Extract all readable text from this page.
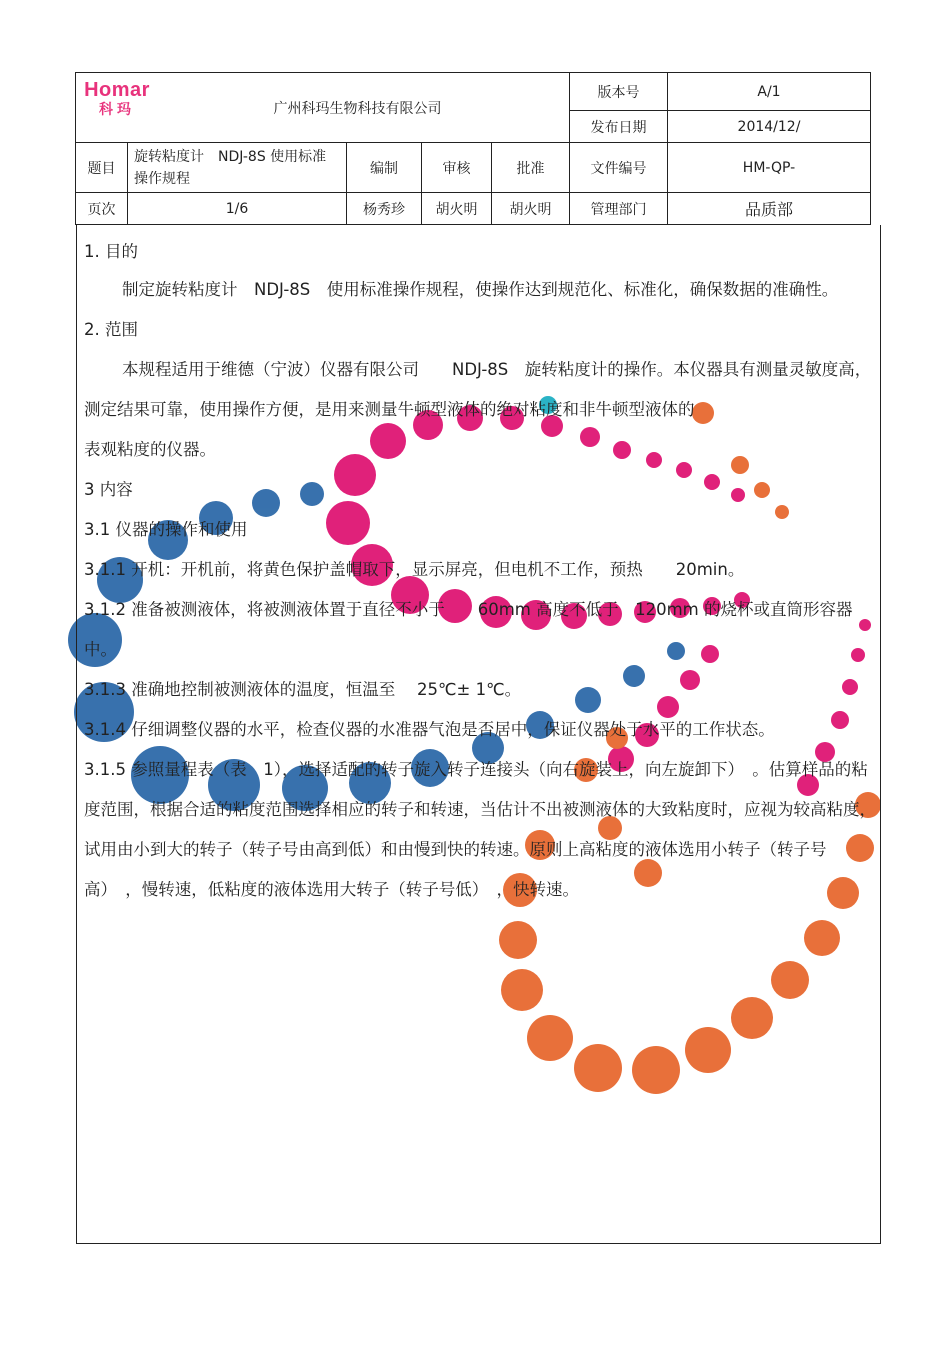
Homar
科玛 广州科玛生物科技有限公司					版本号	A/1
					发布日期	2014/12/
题目	旋转粘度计　NDJ-8S 使用标准操作规程	编制	审核	批准	文件编号	HM-QP-
页次	1/6	杨秀珍	胡火明	胡火明	管理部门	品质部

1. 目的

制定旋转粘度计　NDJ-8S　使用标准操作规程，使操作达到规范化、标准化，确保数据的准确性。

2. 范围

本规程适用于维德（宁波）仪器有限公司　　NDJ-8S　旋转粘度计的操作。本仪器具有测量灵敏度高，测定结果可靠，使用操作方便，是用来测量牛顿型液体的绝对粘度和非牛顿型液体的

表观粘度的仪器。

3 内容

3.1 仪器的操作和使用

3.1.1 开机：开机前，将黄色保护盖帽取下，显示屏亮，但电机不工作，预热　　20min。

3.1.2 准备被测液体，将被测液体置于直径不小于　　60mm 高度不低于　120mm 的烧杯或直筒形容器中。

3.1.3 准确地控制被测液体的温度，恒温至　 25℃± 1℃。

3.1.4 仔细调整仪器的水平，检查仪器的水准器气泡是否居中，保证仪器处于水平的工作状态。

3.1.5 参照量程表（表　1），选择适配的转子旋入转子连接头（向右旋装上，向左旋卸下）　。估算样品的粘度范围，根据合适的粘度范围选择相应的转子和转速，当估计不出被测液体的大致粘度时，应视为较高粘度，试用由小到大的转子（转子号由高到低）和由慢到快的转速。原则上高粘度的液体选用小转子（转子号高）　，慢转速，低粘度的液体选用大转子（转子号低）　，快转速。
